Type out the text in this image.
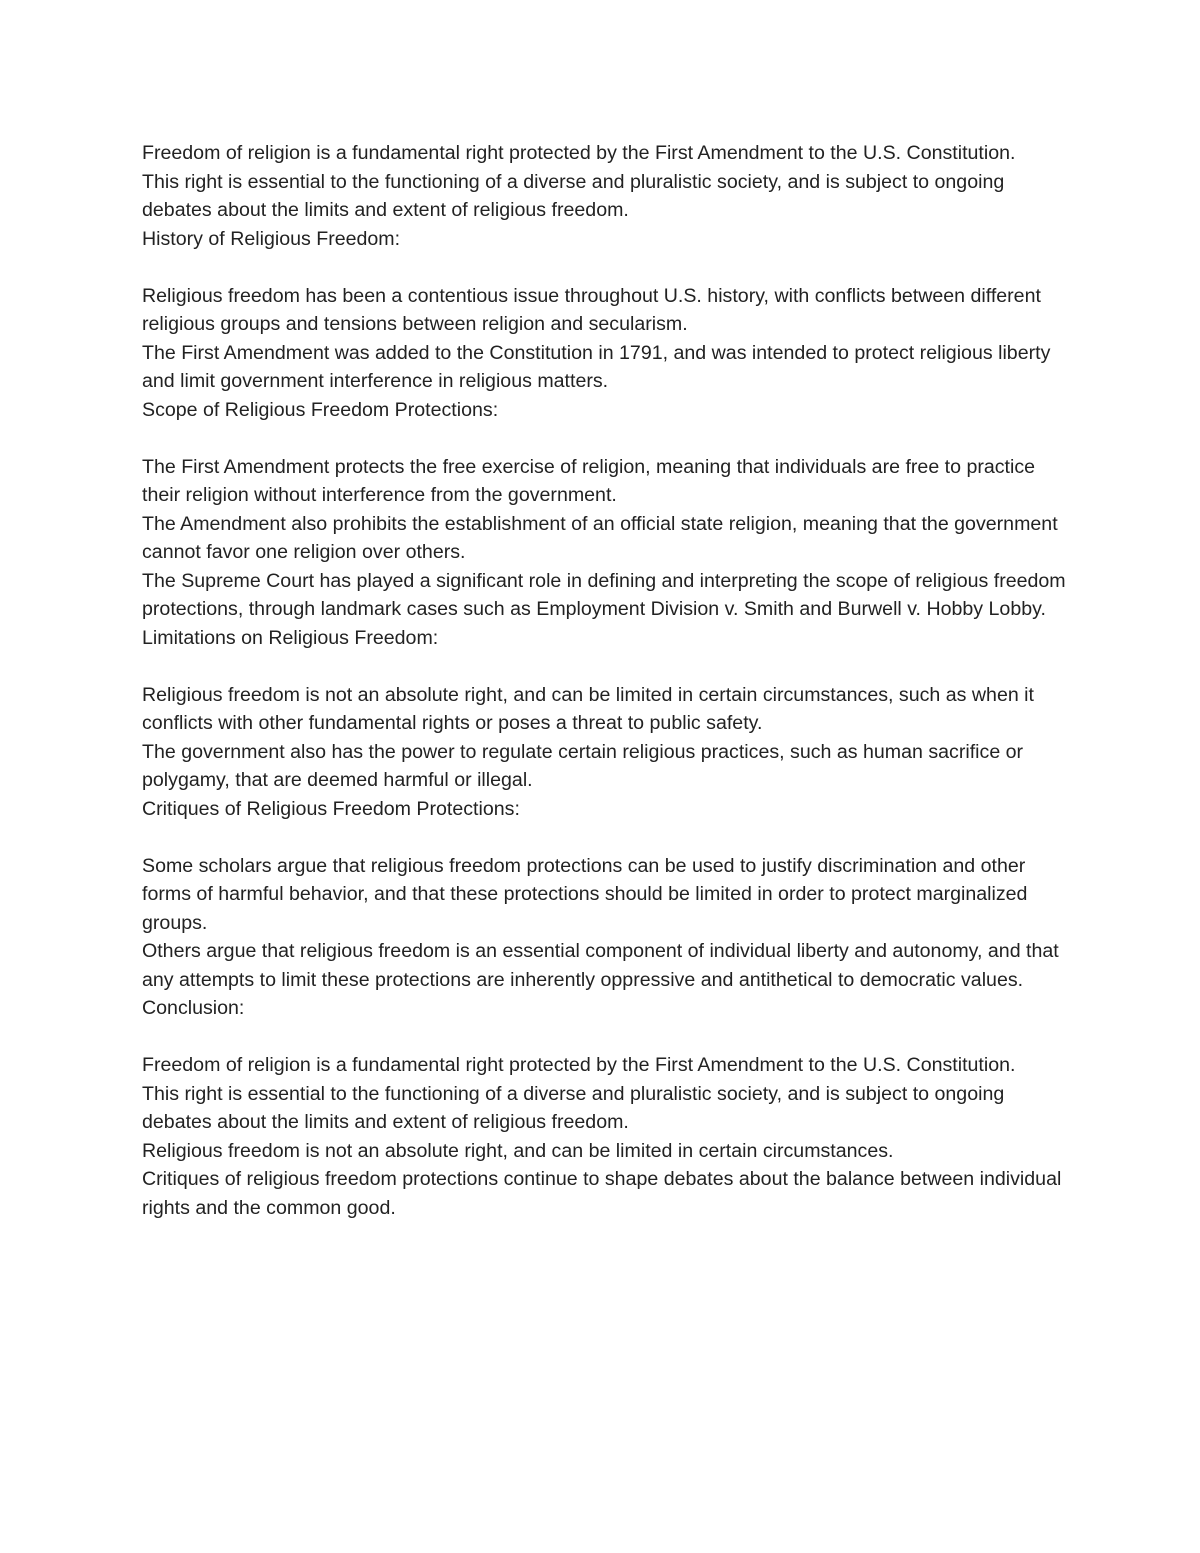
Freedom of religion is a fundamental right protected by the First Amendment to the U.S. Constitution.

This right is essential to the functioning of a diverse and pluralistic society, and is subject to ongoing debates about the limits and extent of religious freedom.

History of Religious Freedom:

Religious freedom has been a contentious issue throughout U.S. history, with conflicts between different religious groups and tensions between religion and secularism.

The First Amendment was added to the Constitution in 1791, and was intended to protect religious liberty and limit government interference in religious matters.

Scope of Religious Freedom Protections:

The First Amendment protects the free exercise of religion, meaning that individuals are free to practice their religion without interference from the government.

The Amendment also prohibits the establishment of an official state religion, meaning that the government cannot favor one religion over others.

The Supreme Court has played a significant role in defining and interpreting the scope of religious freedom protections, through landmark cases such as Employment Division v. Smith and Burwell v. Hobby Lobby.

Limitations on Religious Freedom:

Religious freedom is not an absolute right, and can be limited in certain circumstances, such as when it conflicts with other fundamental rights or poses a threat to public safety.

The government also has the power to regulate certain religious practices, such as human sacrifice or polygamy, that are deemed harmful or illegal.

Critiques of Religious Freedom Protections:

Some scholars argue that religious freedom protections can be used to justify discrimination and other forms of harmful behavior, and that these protections should be limited in order to protect marginalized groups.

Others argue that religious freedom is an essential component of individual liberty and autonomy, and that any attempts to limit these protections are inherently oppressive and antithetical to democratic values.

Conclusion:

Freedom of religion is a fundamental right protected by the First Amendment to the U.S. Constitution.

This right is essential to the functioning of a diverse and pluralistic society, and is subject to ongoing debates about the limits and extent of religious freedom.

Religious freedom is not an absolute right, and can be limited in certain circumstances.

Critiques of religious freedom protections continue to shape debates about the balance between individual rights and the common good.
